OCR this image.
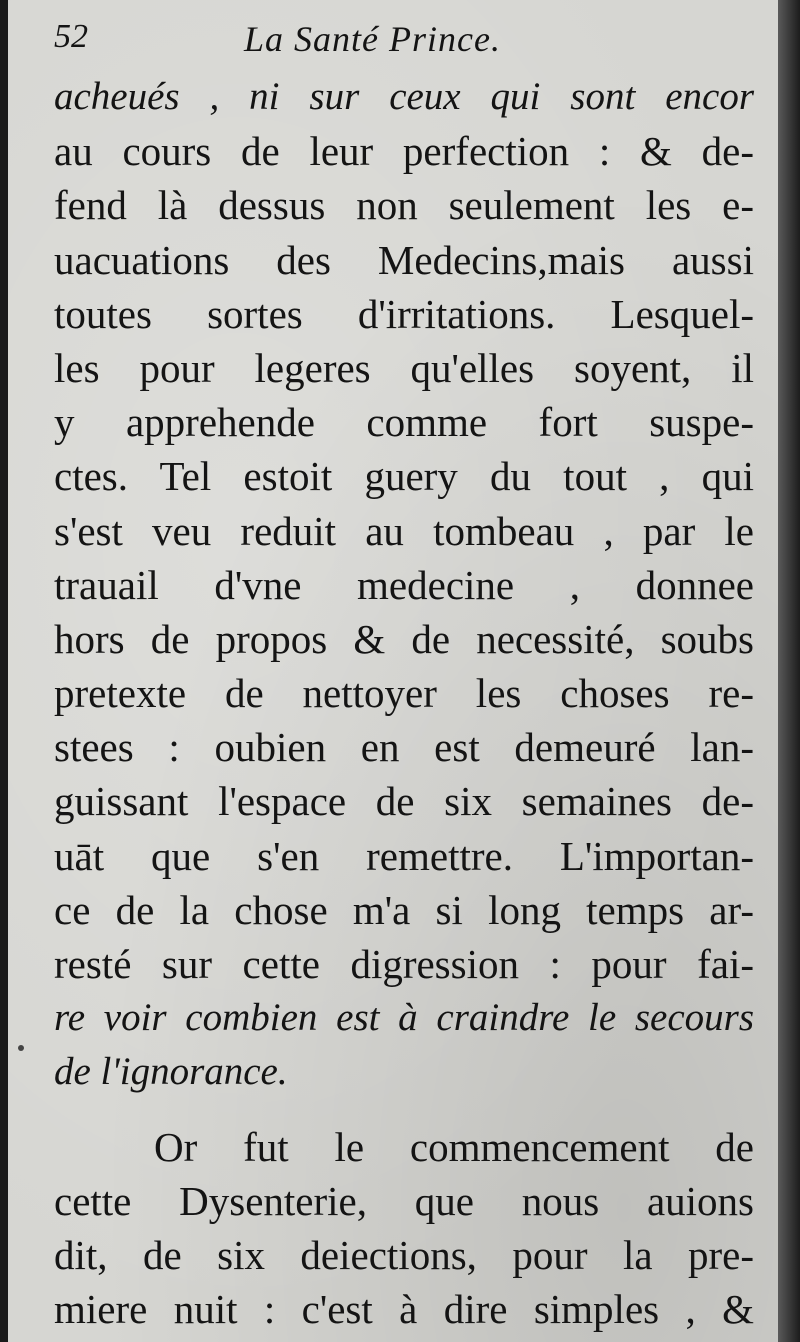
52	La Santé Prince.
acheués , ni sur ceux qui sont encor
au cours de leur perfection : & de-
fend là dessus non seulement les e-
uacuations des Medecins,mais aussi
toutes sortes d'irritations. Lesquel-
les pour legeres qu'elles soyent, il
y apprehende comme fort suspe-
ctes. Tel estoit guery du tout , qui
s'est veu reduit au tombeau , par le
trauail d'vne medecine , donnee
hors de propos & de necessité, soubs
pretexte de nettoyer les choses re-
stees : oubien en est demeuré lan-
guissant l'espace de six semaines de-
uāt que s'en remettre. L'importan-
ce de la chose m'a si long temps ar-
resté sur cette digression : pour fai-
re voir combien est à craindre le secours
de l'ignorance.
Or fut le commencement de
cette Dysenterie, que nous auions
dit, de six deiections, pour la pre-
miere nuit : c'est à dire simples , &
